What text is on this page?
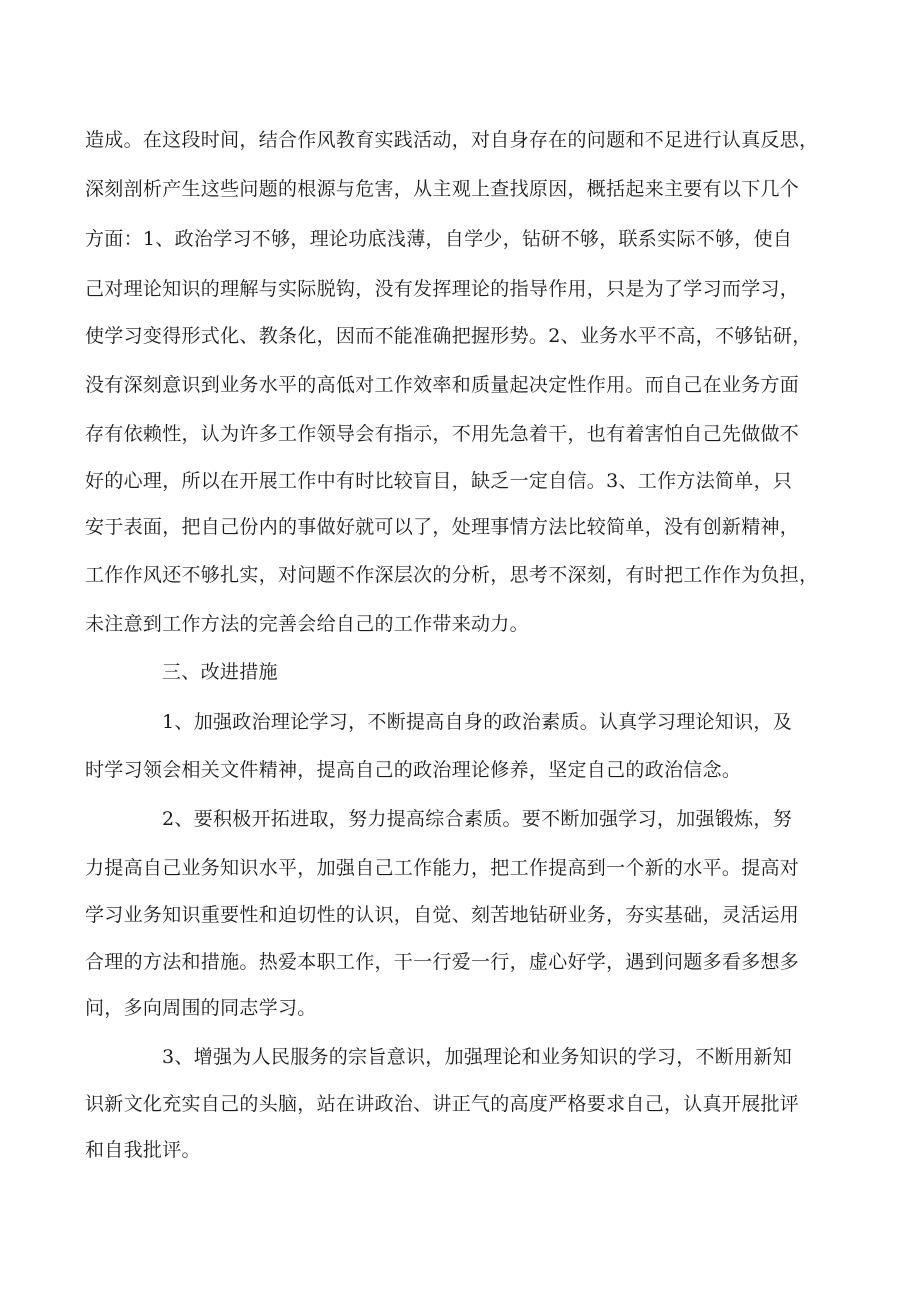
造成。在这段时间，结合作风教育实践活动，对自身存在的问题和不足进行认真反思，
深刻剖析产生这些问题的根源与危害，从主观上查找原因，概括起来主要有以下几个
方面：1、政治学习不够，理论功底浅薄，自学少，钻研不够，联系实际不够，使自
己对理论知识的理解与实际脱钩，没有发挥理论的指导作用，只是为了学习而学习，
使学习变得形式化、教条化，因而不能准确把握形势。2、业务水平不高，不够钻研，
没有深刻意识到业务水平的高低对工作效率和质量起决定性作用。而自己在业务方面
存有依赖性，认为许多工作领导会有指示，不用先急着干，也有着害怕自己先做做不
好的心理，所以在开展工作中有时比较盲目，缺乏一定自信。3、工作方法简单，只
安于表面，把自己份内的事做好就可以了，处理事情方法比较简单，没有创新精神，
工作作风还不够扎实，对问题不作深层次的分析，思考不深刻，有时把工作作为负担，
未注意到工作方法的完善会给自己的工作带来动力。
三、改进措施
1、加强政治理论学习，不断提高自身的政治素质。认真学习理论知识，及
时学习领会相关文件精神，提高自己的政治理论修养，坚定自己的政治信念。
2、要积极开拓进取，努力提高综合素质。要不断加强学习，加强锻炼，努
力提高自己业务知识水平，加强自己工作能力，把工作提高到一个新的水平。提高对
学习业务知识重要性和迫切性的认识，自觉、刻苦地钻研业务，夯实基础，灵活运用
合理的方法和措施。热爱本职工作，干一行爱一行，虚心好学，遇到问题多看多想多
问，多向周围的同志学习。
3、增强为人民服务的宗旨意识，加强理论和业务知识的学习，不断用新知
识新文化充实自己的头脑，站在讲政治、讲正气的高度严格要求自己，认真开展批评
和自我批评。
